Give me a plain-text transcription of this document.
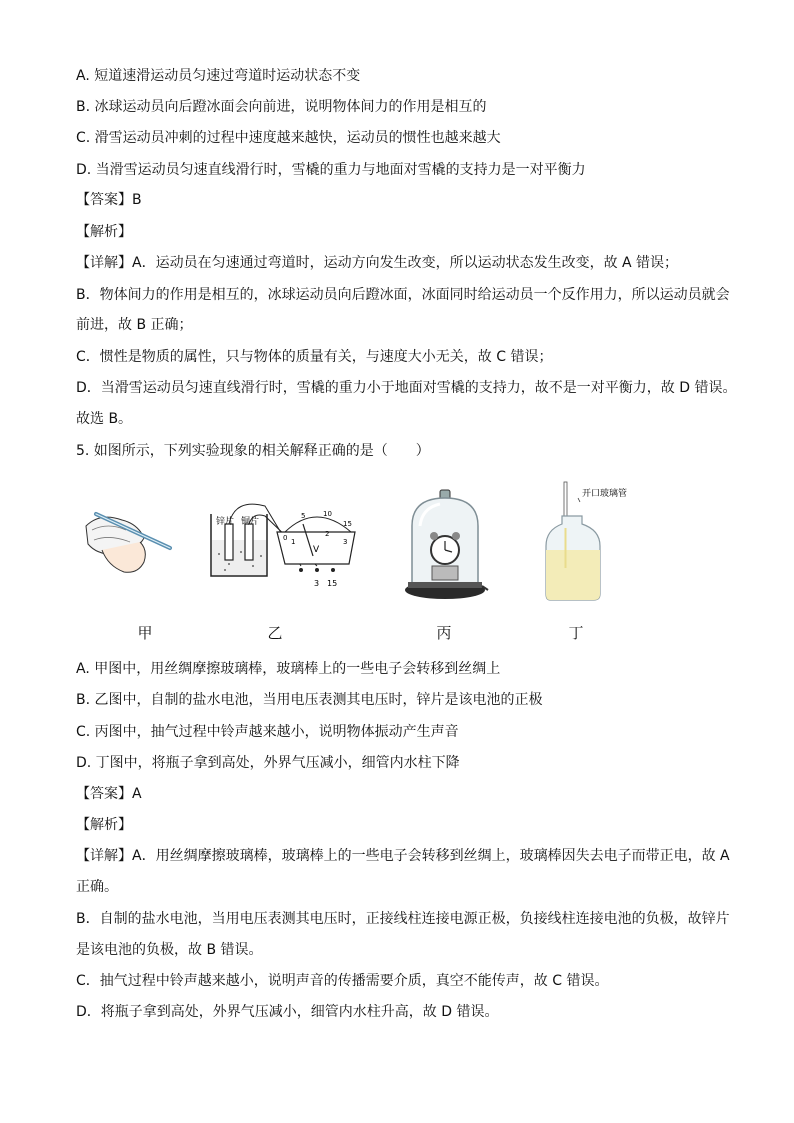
A. 短道速滑运动员匀速过弯道时运动状态不变
B. 冰球运动员向后蹬冰面会向前进，说明物体间力的作用是相互的
C. 滑雪运动员冲刺的过程中速度越来越快，运动员的惯性也越来越大
D. 当滑雪运动员匀速直线滑行时，雪橇的重力与地面对雪橇的支持力是一对平衡力
【答案】B
【解析】
【详解】A．运动员在匀速通过弯道时，运动方向发生改变，所以运动状态发生改变，故 A 错误；
B．物体间力的作用是相互的，冰球运动员向后蹬冰面，冰面同时给运动员一个反作用力，所以运动员就会
前进，故 B 正确；
C．惯性是物质的属性，只与物体的质量有关，与速度大小无关，故 C 错误；
D．当滑雪运动员匀速直线滑行时，雪橇的重力小于地面对雪橇的支持力，故不是一对平衡力，故 D 错误。
故选 B。
5. 如图所示，下列实验现象的相关解释正确的是（　　）
锌片 铜片
0
5	10
15
1
2
3
V
3 15
开口玻璃管
甲	乙	丙	丁
A. 甲图中，用丝绸摩擦玻璃棒，玻璃棒上的一些电子会转移到丝绸上
B. 乙图中，自制的盐水电池，当用电压表测其电压时，锌片是该电池的正极
C. 丙图中，抽气过程中铃声越来越小，说明物体振动产生声音
D. 丁图中，将瓶子拿到高处，外界气压减小，细管内水柱下降
【答案】A
【解析】
【详解】A．用丝绸摩擦玻璃棒，玻璃棒上的一些电子会转移到丝绸上，玻璃棒因失去电子而带正电，故 A
正确。
B．自制的盐水电池，当用电压表测其电压时，正接线柱连接电源正极，负接线柱连接电池的负极，故锌片
是该电池的负极，故 B 错误。
C．抽气过程中铃声越来越小，说明声音的传播需要介质，真空不能传声，故 C 错误。
D．将瓶子拿到高处，外界气压减小，细管内水柱升高，故 D 错误。
